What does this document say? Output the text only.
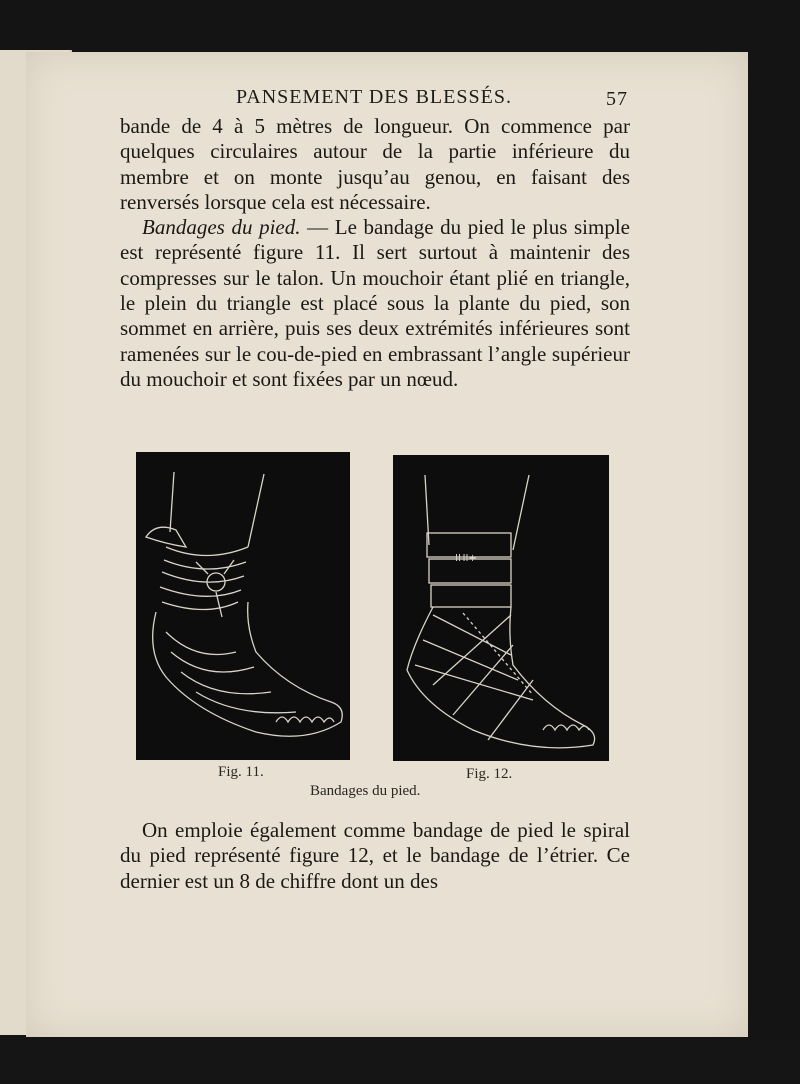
PANSEMENT DES BLESSÉS.	57
bande de 4 à 5 mètres de longueur. On commence par quelques circulaires autour de la partie inférieure du membre et on monte jusqu’au genou, en faisant des renversés lorsque cela est nécessaire.
Bandages du pied. — Le bandage du pied le plus simple est représenté figure 11. Il sert surtout à maintenir des compresses sur le talon. Un mouchoir étant plié en triangle, le plein du triangle est placé sous la plante du pied, son sommet en arrière, puis ses deux extrémités inférieures sont ramenées sur le cou-de-pied en embrassant l’angle supérieur du mouchoir et sont fixées par un nœud.
IHI+
Fig. 11.	Fig. 12.
Bandages du pied.
On emploie également comme bandage de pied le spiral du pied représenté figure 12, et le bandage de l’étrier. Ce dernier est un 8 de chiffre dont un des
